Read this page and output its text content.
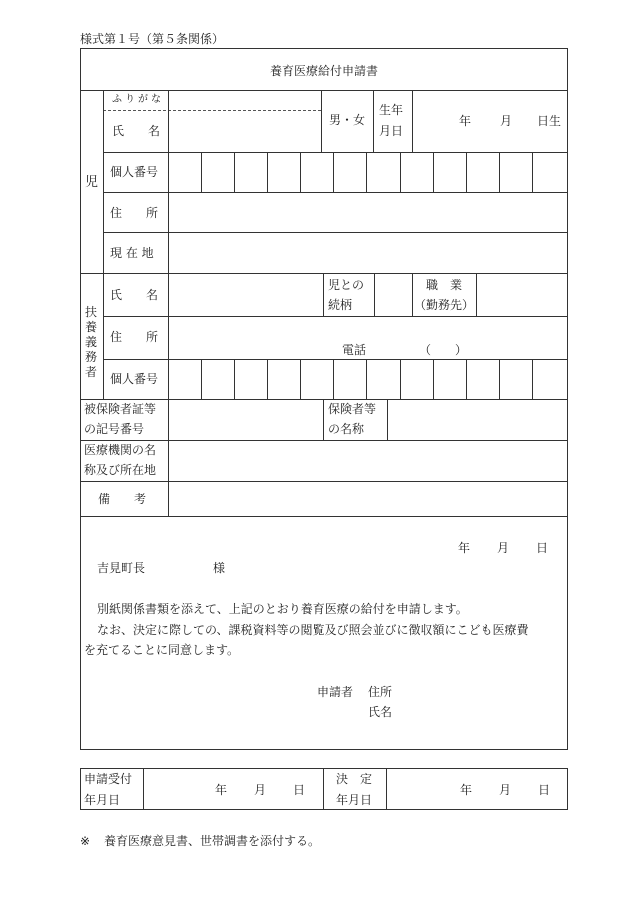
様式第１号（第５条関係）
養育医療給付申請書
児
ふりがな
氏　　名
男・女
生年
月日
年 月 日生
個人番号
住　　所
現 在 地
扶養義務者
氏　　名
児との
続柄
職　業
（勤務先）
住　　所
電話	（　　）
個人番号
被保険者証等
の記号番号
保険者等
の名称
医療機関の名
称及び所在地
備　　考
年 月 日
吉見町長	様
別紙関係書類を添えて、上記のとおり養育医療の給付を申請します。
なお、決定に際しての、課税資料等の閲覧及び照会並びに徴収額にこども医療費
を充てることに同意します。
申請者 住所
氏名
申請受付
年月日
年 月 日
決　定
年月日
年 月 日
※ 養育医療意見書、世帯調書を添付する。
